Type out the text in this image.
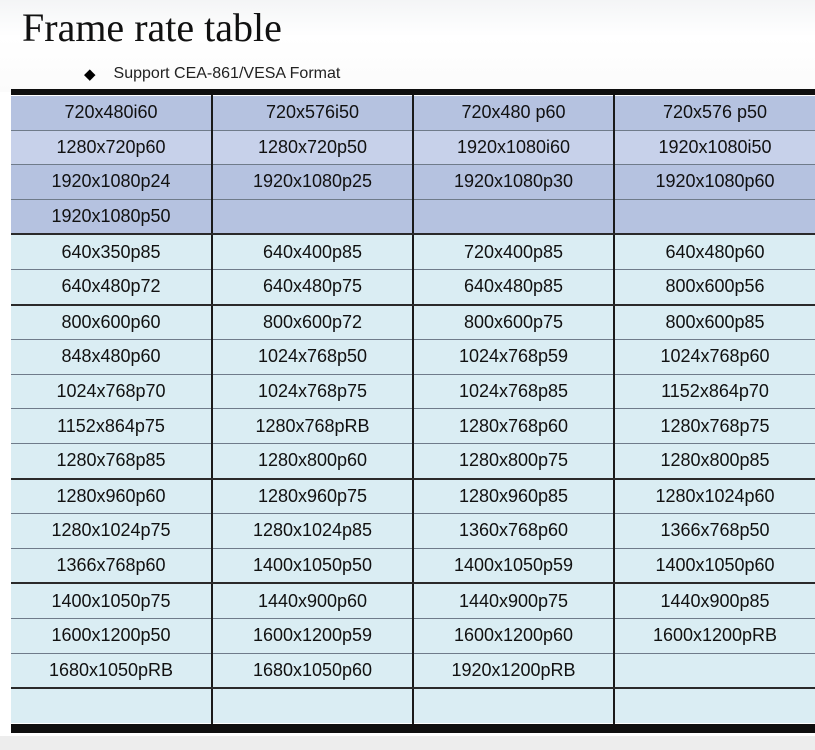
Frame rate table
◆ Support CEA-861/VESA Format
720x480i60	720x576i50	720x480 p60	720x576 p50
1280x720p60	1280x720p50	1920x1080i60	1920x1080i50
1920x1080p24	1920x1080p25	1920x1080p30	1920x1080p60
1920x1080p50			
640x350p85	640x400p85	720x400p85	640x480p60
640x480p72	640x480p75	640x480p85	800x600p56
800x600p60	800x600p72	800x600p75	800x600p85
848x480p60	1024x768p50	1024x768p59	1024x768p60
1024x768p70	1024x768p75	1024x768p85	1152x864p70
1152x864p75	1280x768pRB	1280x768p60	1280x768p75
1280x768p85	1280x800p60	1280x800p75	1280x800p85
1280x960p60	1280x960p75	1280x960p85	1280x1024p60
1280x1024p75	1280x1024p85	1360x768p60	1366x768p50
1366x768p60	1400x1050p50	1400x1050p59	1400x1050p60
1400x1050p75	1440x900p60	1440x900p75	1440x900p85
1600x1200p50	1600x1200p59	1600x1200p60	1600x1200pRB
1680x1050pRB	1680x1050p60	1920x1200pRB	
